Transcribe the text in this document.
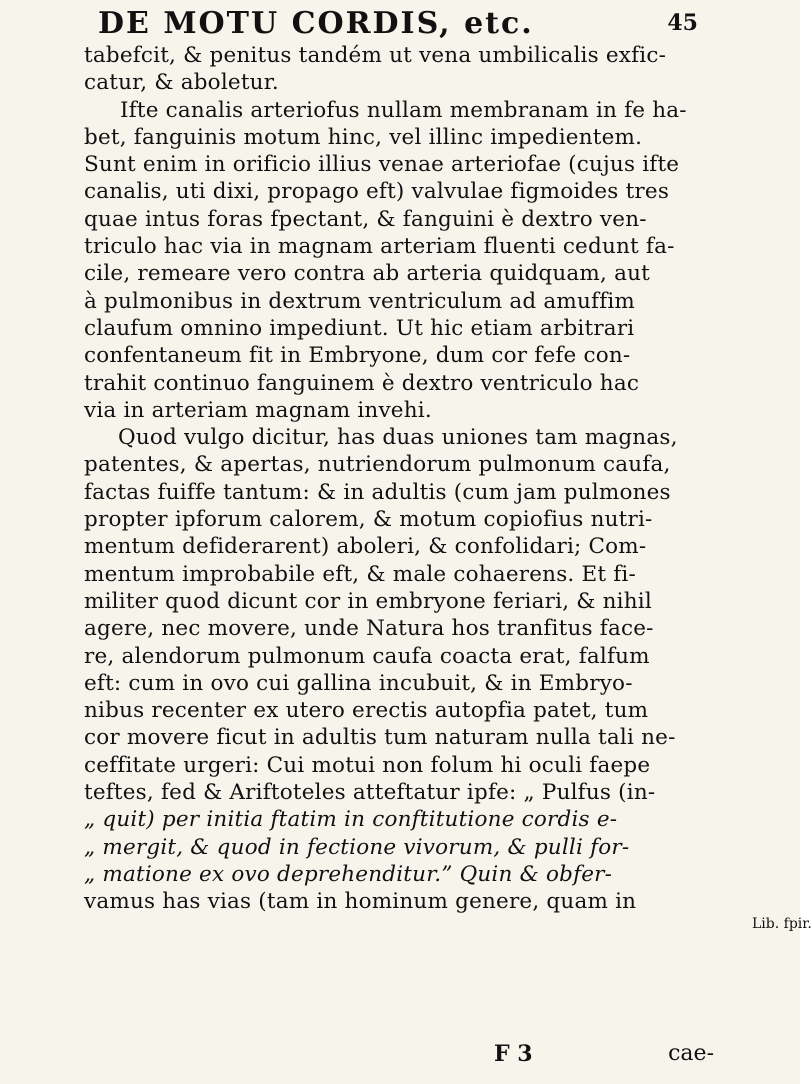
DE MOTU CORDIS, etc.	45
tabefcit, & penitus tandém ut vena umbilicalis exfic-
catur, & aboletur.
Ifte canalis arteriofus nullam membranam in fe ha-
bet, fanguinis motum hinc, vel illinc impedientem.
Sunt enim in orificio illius venae arteriofae (cujus ifte
canalis, uti dixi, propago eft) valvulae figmoides tres
quae intus foras fpectant, & fanguini è dextro ven-
triculo hac via in magnam arteriam fluenti cedunt fa-
cile, remeare vero contra ab arteria quidquam, aut
à pulmonibus in dextrum ventriculum ad amuffim
claufum omnino impediunt. Ut hic etiam arbitrari
confentaneum fit in Embryone, dum cor fefe con-
trahit continuo fanguinem è dextro ventriculo hac
via in arteriam magnam invehi.
Quod vulgo dicitur, has duas uniones tam magnas,
patentes, & apertas, nutriendorum pulmonum caufa,
factas fuiffe tantum: & in adultis (cum jam pulmones
propter ipforum calorem, & motum copiofius nutri-
mentum defiderarent) aboleri, & confolidari; Com-
mentum improbabile eft, & male cohaerens. Et fi-
militer quod dicunt cor in embryone feriari, & nihil
agere, nec movere, unde Natura hos tranfitus face-
re, alendorum pulmonum caufa coacta erat, falfum
eft: cum in ovo cui gallina incubuit, & in Embryo-
nibus recenter ex utero erectis autopfia patet, tum
cor movere ficut in adultis tum naturam nulla tali ne-
ceffitate urgeri: Cui motui non folum hi oculi faepe
teftes, fed & Ariftoteles atteftatur ipfe: „ Pulfus (in-
„ quit) per initia ftatim in conftitutione cordis e-
„ mergit, & quod in fectione vivorum, & pulli for-
„ matione ex ovo deprehenditur.” Quin & obfer-
vamus has vias (tam in hominum genere, quam in
Lib. fpir.
F 3	cae-
